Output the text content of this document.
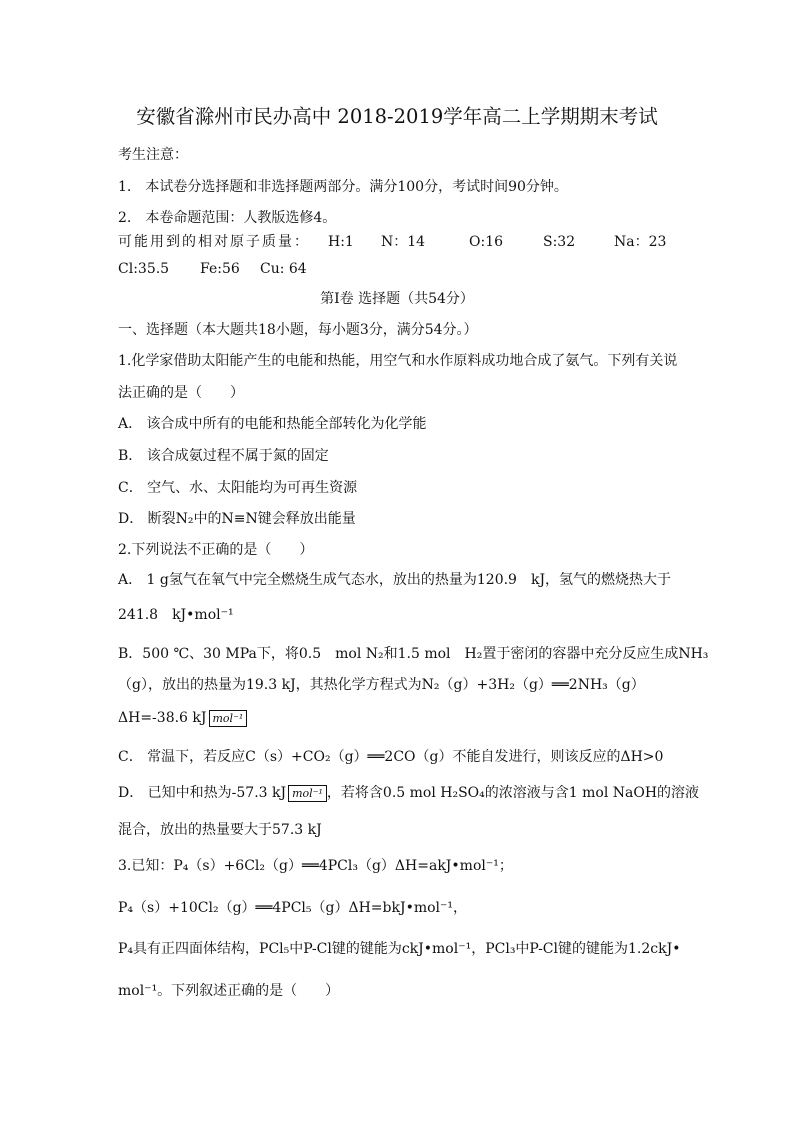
安徽省滁州市民办高中 2018-2019学年高二上学期期末考试
考生注意：
1.　本试卷分选择题和非选择题两部分。满分100分，考试时间90分钟。
2.　本卷命题范围：人教版选修4。
可能用到的相对原子质量：	H:1	N：14	O:16	S:32	Na：23
Cl:35.5	Fe:56	Cu: 64
第Ⅰ卷 选择题（共54分）
一、选择题（本大题共18小题，每小题3分，满分54分。）
1.化学家借助太阳能产生的电能和热能，用空气和水作原料成功地合成了氨气。下列有关说
法正确的是（　　）
A． 该合成中所有的电能和热能全部转化为化学能
B． 该合成氨过程不属于氮的固定
C． 空气、水、太阳能均为可再生资源
D． 断裂N₂中的N≡N键会释放出能量
2.下列说法不正确的是（　　）
A． 1 g氢气在氧气中完全燃烧生成气态水，放出的热量为120.9　kJ，氢气的燃烧热大于
241.8　kJ•mol⁻¹
B．500 ℃、30 MPa下，将0.5　mol N₂和1.5 mol　H₂置于密闭的容器中充分反应生成NH₃
（g），放出的热量为19.3 kJ，其热化学方程式为N₂（g）+3H₂（g）══2NH₃（g）
ΔH=-38.6 kJ mol⁻¹
C． 常温下，若反应C（s）+CO₂（g）══2CO（g）不能自发进行，则该反应的ΔH>0
D． 已知中和热为-57.3 kJ mol⁻¹ ，若将含0.5 mol H₂SO₄的浓溶液与含1 mol NaOH的溶液
混合，放出的热量要大于57.3 kJ
3.已知：P₄（s）+6Cl₂（g）══4PCl₃（g）ΔH=akJ•mol⁻¹；
P₄（s）+10Cl₂（g）══4PCl₅（g）ΔH=bkJ•mol⁻¹，
P₄具有正四面体结构，PCl₅中P-Cl键的键能为ckJ•mol⁻¹，PCl₃中P-Cl键的键能为1.2ckJ•
mol⁻¹。下列叙述正确的是（　　）
